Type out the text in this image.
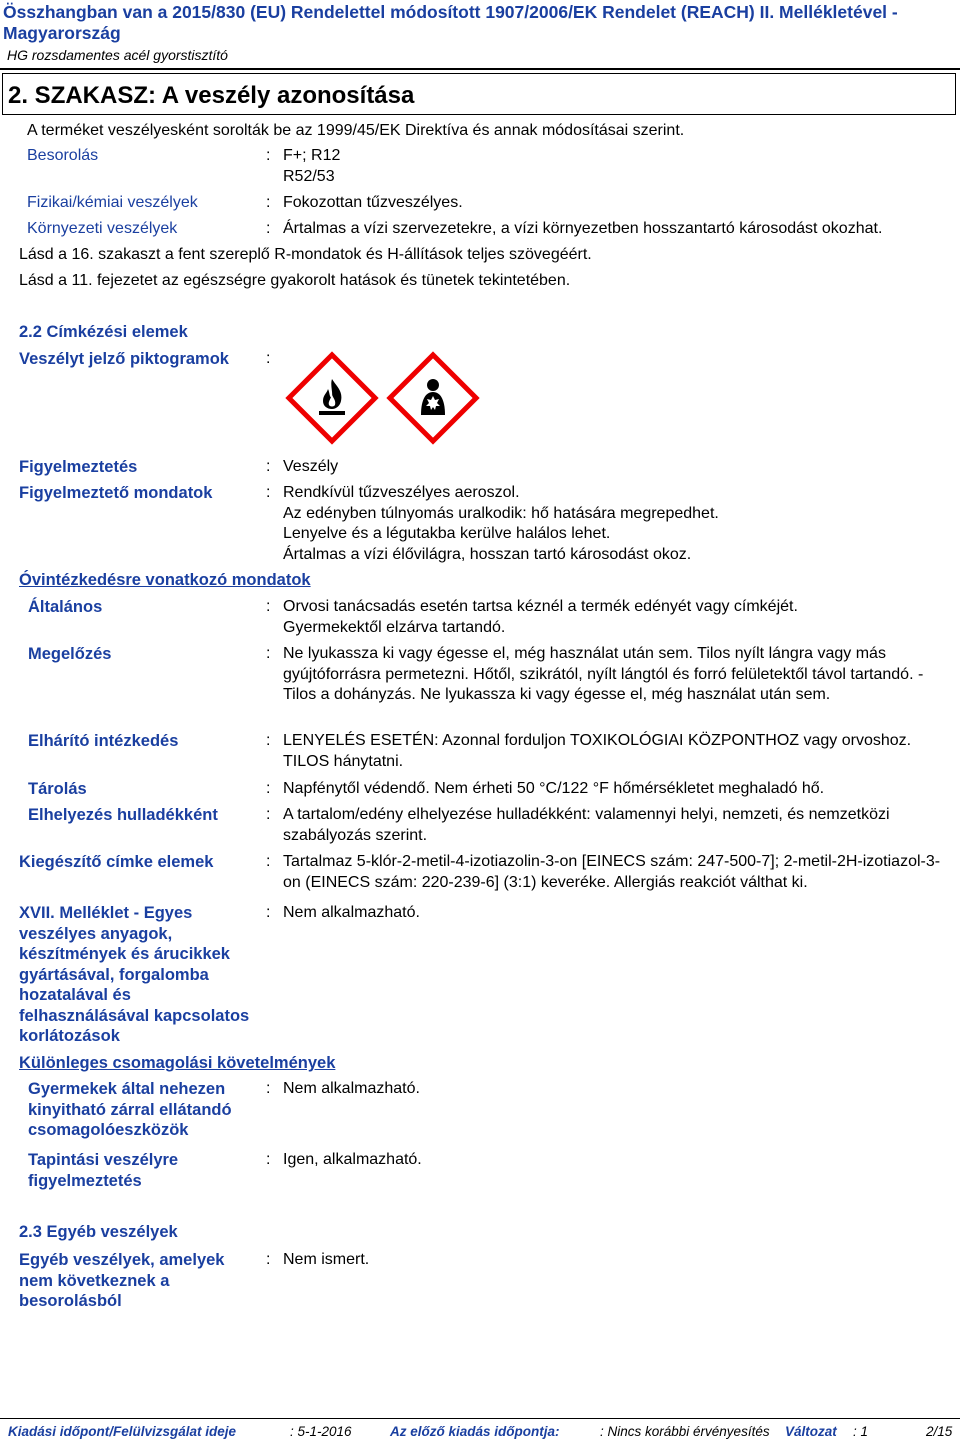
Összhangban van a 2015/830 (EU) Rendelettel módosított 1907/2006/EK Rendelet (REACH) II. Mellékletével - Magyarország
HG rozsdamentes acél gyorstisztító
2. SZAKASZ: A veszély azonosítása
A terméket veszélyesként sorolták be az 1999/45/EK Direktíva és annak módosításai szerint.
Besorolás	: F+; R12
R52/53
Fizikai/kémiai veszélyek	: Fokozottan tűzveszélyes.
Környezeti veszélyek	: Ártalmas a vízi szervezetekre, a vízi környezetben hosszantartó károsodást okozhat.
Lásd a 16. szakaszt a fent szereplő R-mondatok és H-állítások teljes szövegéért.
Lásd a 11. fejezetet az egészségre gyakorolt hatások és tünetek tekintetében.
2.2 Címkézési elemek
Veszélyt jelző piktogramok :
Figyelmeztetés	: Veszély
Figyelmeztető mondatok	: Rendkívül tűzveszélyes aeroszol.
Az edényben túlnyomás uralkodik: hő hatására megrepedhet.
Lenyelve és a légutakba kerülve halálos lehet.
Ártalmas a vízi élővilágra, hosszan tartó károsodást okoz.
Óvintézkedésre vonatkozó mondatok
Általános	: Orvosi tanácsadás esetén tartsa kéznél a termék edényét vagy címkéjét.
Gyermekektől elzárva tartandó.
Megelőzés	: Ne lyukassza ki vagy égesse el, még használat után sem. Tilos nyílt lángra vagy más gyújtóforrásra permetezni. Hőtől, szikrától, nyílt lángtól és forró felületektől távol tartandó. - Tilos a dohányzás. Ne lyukassza ki vagy égesse el, még használat után sem.
Elhárító intézkedés	: LENYELÉS ESETÉN: Azonnal forduljon TOXIKOLÓGIAI KÖZPONTHOZ vagy orvoshoz. TILOS hánytatni.
Tárolás	: Napfénytől védendő. Nem érheti 50 °C/122 °F hőmérsékletet meghaladó hő.
Elhelyezés hulladékként	: A tartalom/edény elhelyezése hulladékként: valamennyi helyi, nemzeti, és nemzetközi szabályozás szerint.
Kiegészítő címke elemek	: Tartalmaz 5-klór-2-metil-4-izotiazolin-3-on [EINECS szám: 247-500-7]; 2-metil-2H-izotiazol-3-on (EINECS szám: 220-239-6] (3:1) keveréke. Allergiás reakciót válthat ki.
XVII. Melléklet - Egyes veszélyes anyagok, készítmények és árucikkek gyártásával, forgalomba hozatalával és felhasználásával kapcsolatos korlátozások
: Nem alkalmazható.
Különleges csomagolási követelmények
Gyermekek által nehezen kinyitható zárral ellátandó csomagolóeszközök
: Nem alkalmazható.
Tapintási veszélyre figyelmeztetés
: Igen, alkalmazható.
2.3 Egyéb veszélyek
Egyéb veszélyek, amelyek nem következnek a besorolásból
: Nem ismert.
Kiadási időpont/Felülvizsgálat ideje	: 5-1-2016	Az előző kiadás időpontja:	: Nincs korábbi érvényesítés Változat : 1	2/15
